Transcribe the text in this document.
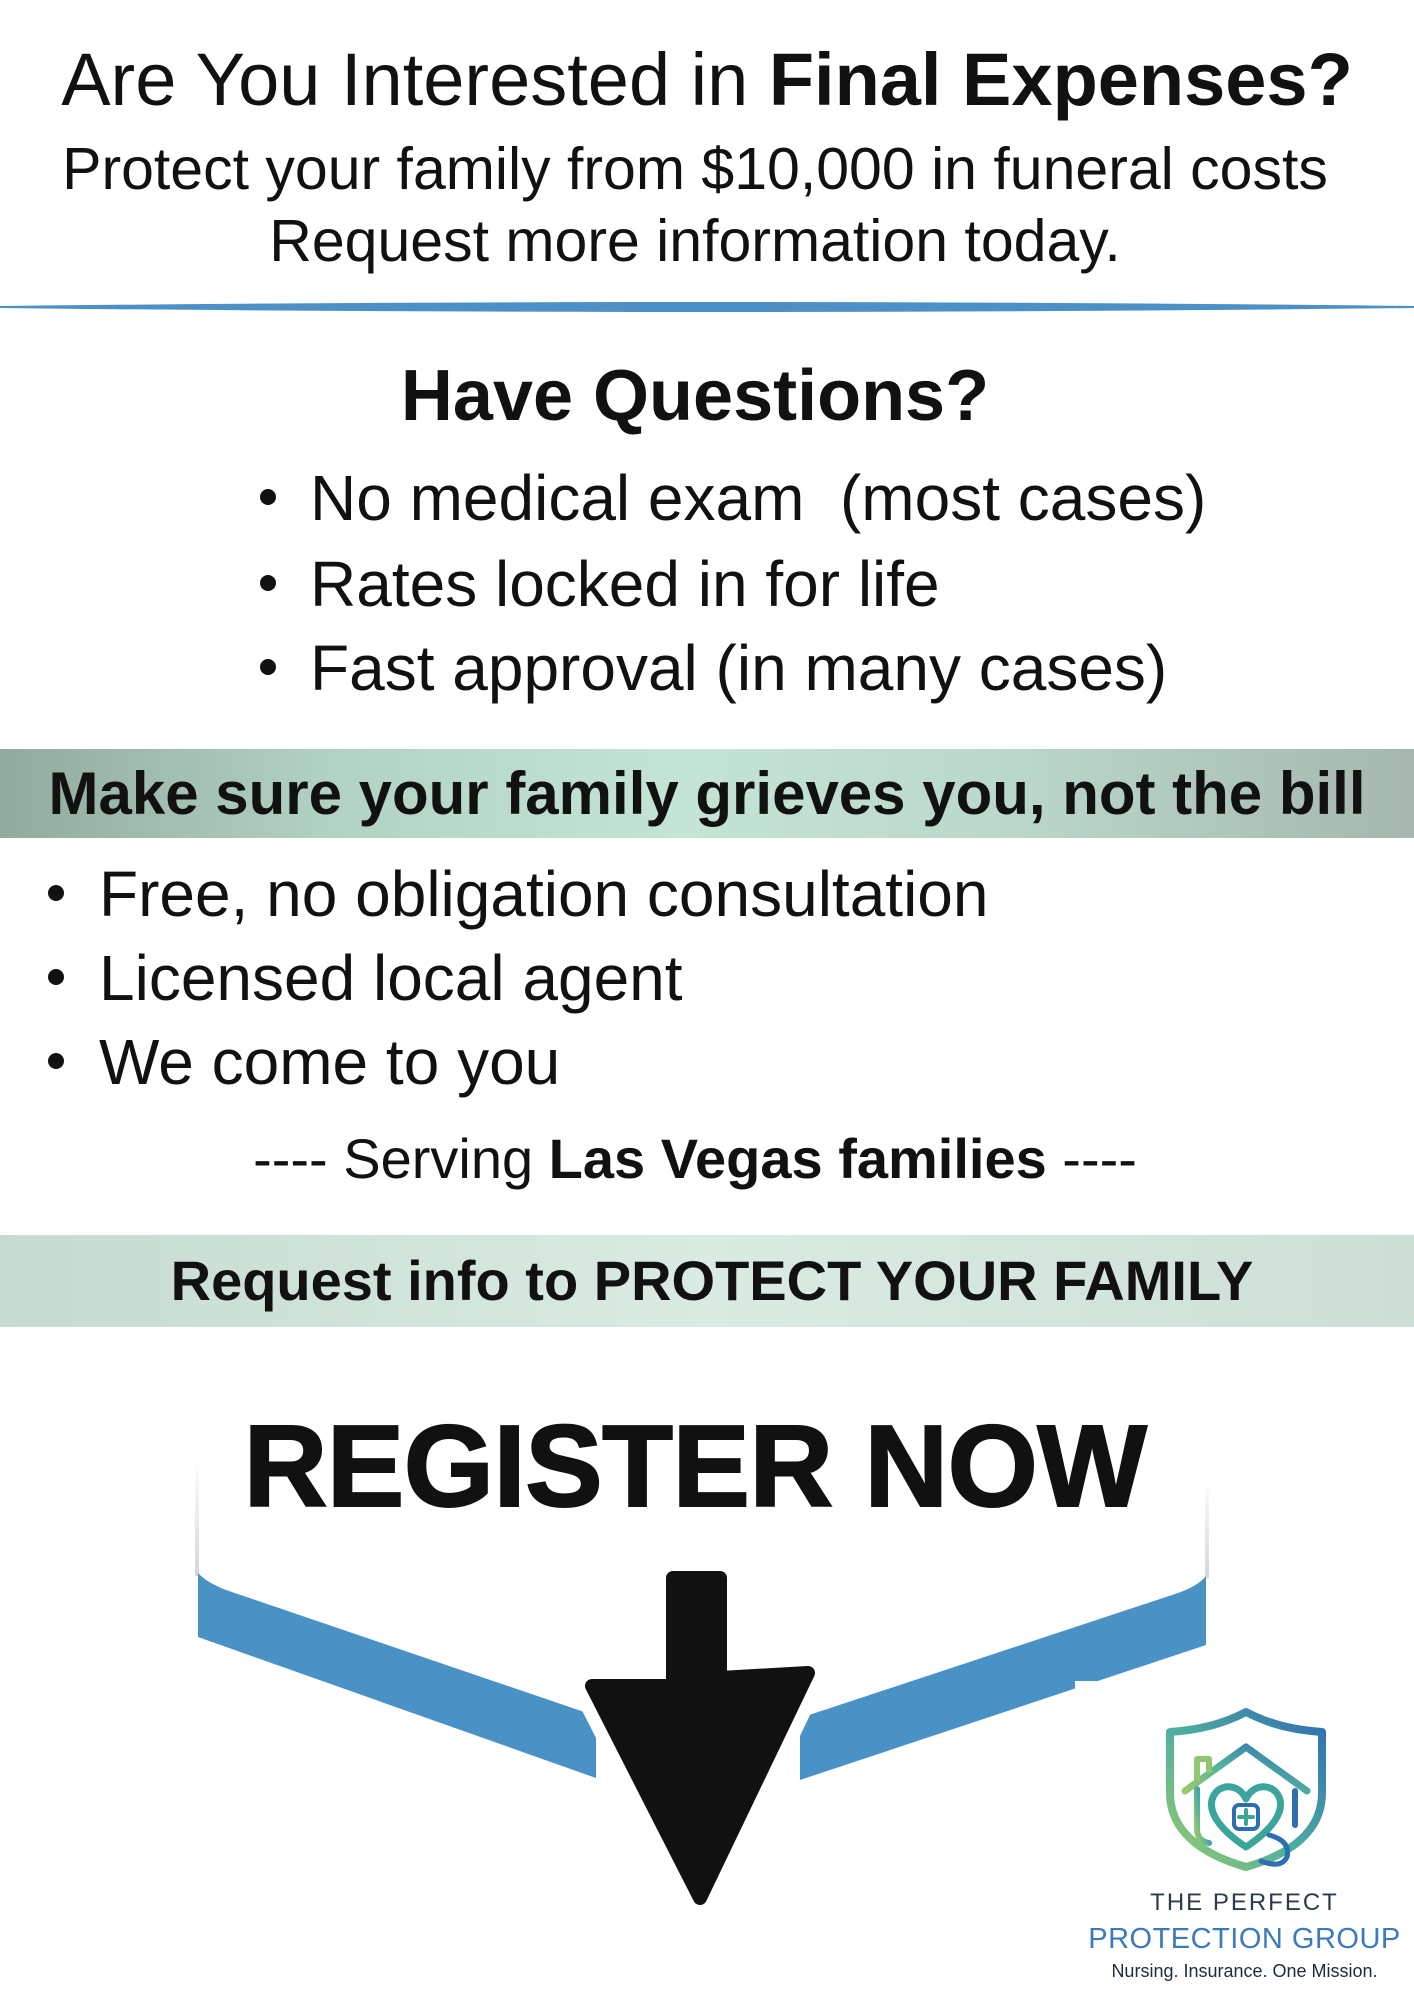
Are You Interested in Final Expenses?
Protect your family from $10,000 in funeral costs
Request more information today.
Have Questions?
No medical exam  (most cases)
Rates locked in for life
Fast approval (in many cases)
Make sure your family grieves you, not the bill
Free, no obligation consultation
Licensed local agent
We come to you
---- Serving Las Vegas families ----
Request info to PROTECT YOUR FAMILY
REGISTER NOW
THE PERFECT
PROTECTION GROUP
Nursing. Insurance. One Mission.
